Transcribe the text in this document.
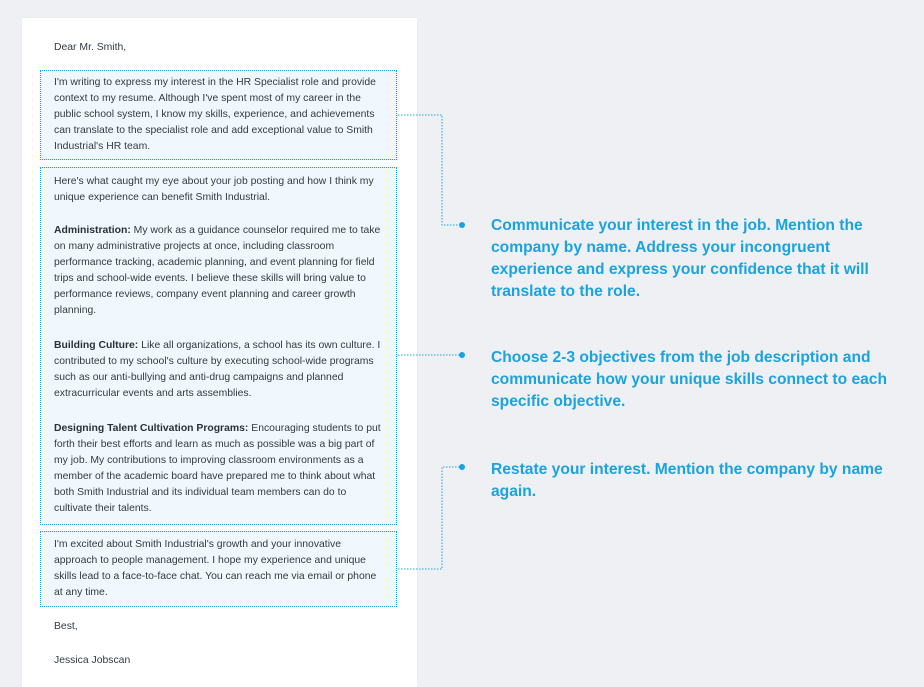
Dear Mr. Smith,

I'm writing to express my interest in the HR Specialist role and provide context to my resume. Although I've spent most of my career in the public school system, I know my skills, experience, and achievements can translate to the specialist role and add exceptional value to Smith Industrial's HR team.

Here's what caught my eye about your job posting and how I think my unique experience can benefit Smith Industrial.

Administration: My work as a guidance counselor required me to take on many administrative projects at once, including classroom performance tracking, academic planning, and event planning for field trips and school-wide events. I believe these skills will bring value to performance reviews, company event planning and career growth planning.

Building Culture: Like all organizations, a school has its own culture. I contributed to my school's culture by executing school-wide programs such as our anti-bullying and anti-drug campaigns and planned extracurricular events and arts assemblies.

Designing Talent Cultivation Programs: Encouraging students to put forth their best efforts and learn as much as possible was a big part of my job. My contributions to improving classroom environments as a member of the academic board have prepared me to think about what both Smith Industrial and its individual team members can do to cultivate their talents.

I'm excited about Smith Industrial's growth and your innovative approach to people management. I hope my experience and unique skills lead to a face-to-face chat. You can reach me via email or phone at any time.

Best,

Jessica Jobscan

Communicate your interest in the job. Mention the company by name. Address your incongruent experience and express your confidence that it will translate to the role.

Choose 2-3 objectives from the job description and communicate how your unique skills connect to each specific objective.

Restate your interest. Mention the company by name again.
